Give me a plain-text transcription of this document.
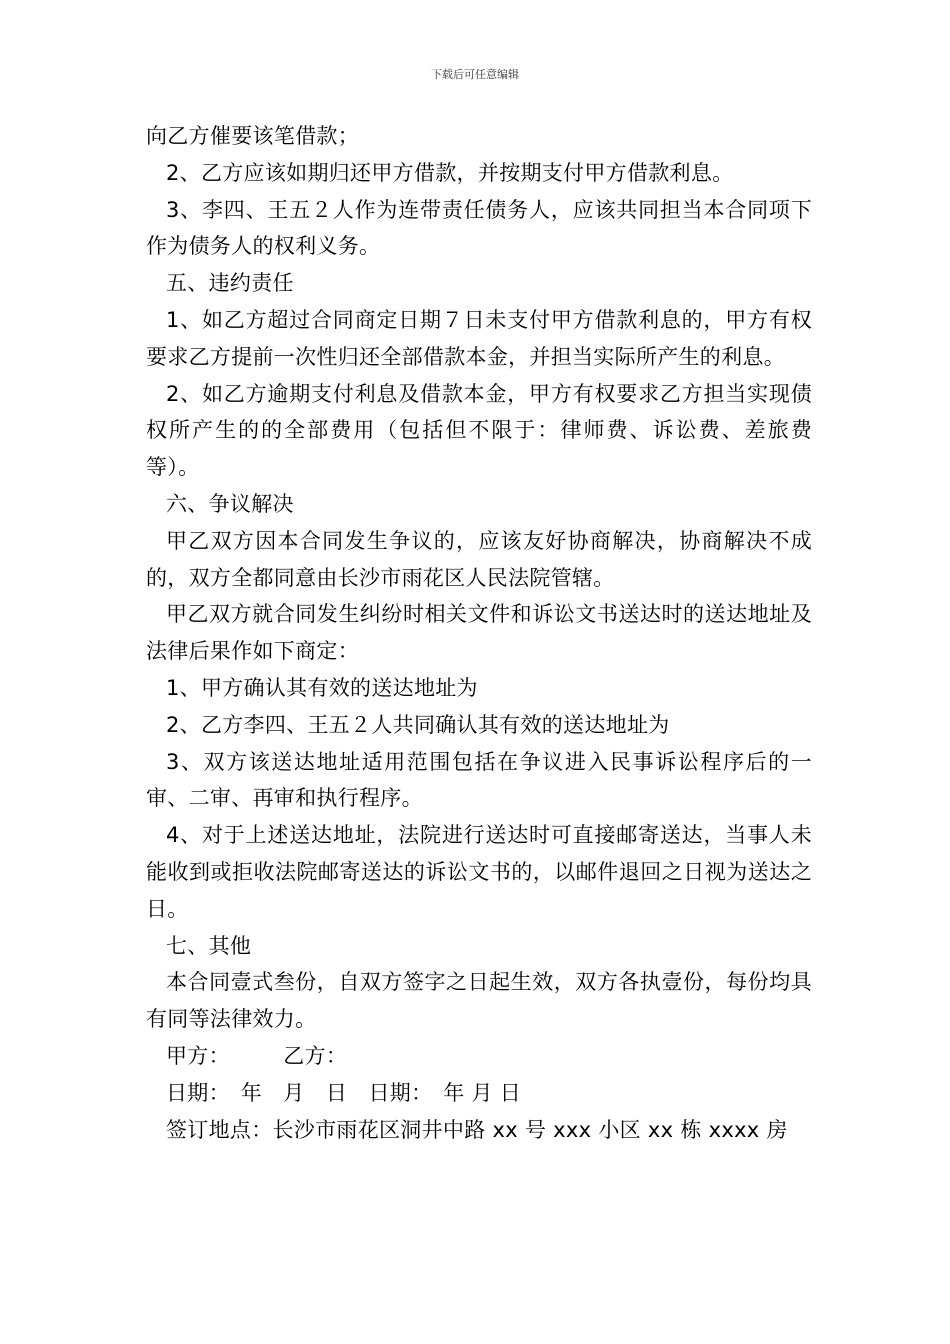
下载后可任意编辑

向乙方催要该笔借款；

2、乙方应该如期归还甲方借款，并按期支付甲方借款利息。

3、李四、王五２人作为连带责任债务人，应该共同担当本合同项下作为债务人的权利义务。

五、违约责任

1、如乙方超过合同商定日期７日未支付甲方借款利息的，甲方有权要求乙方提前一次性归还全部借款本金，并担当实际所产生的利息。

2、如乙方逾期支付利息及借款本金，甲方有权要求乙方担当实现债权所产生的的全部费用（包括但不限于：律师费、诉讼费、差旅费等）。

六、争议解决

甲乙双方因本合同发生争议的，应该友好协商解决，协商解决不成的，双方全都同意由长沙市雨花区人民法院管辖。

甲乙双方就合同发生纠纷时相关文件和诉讼文书送达时的送达地址及法律后果作如下商定：

1、甲方确认其有效的送达地址为

2、乙方李四、王五２人共同确认其有效的送达地址为

3、双方该送达地址适用范围包括在争议进入民事诉讼程序后的一审、二审、再审和执行程序。

4、对于上述送达地址，法院进行送达时可直接邮寄送达，当事人未能收到或拒收法院邮寄送达的诉讼文书的，以邮件退回之日视为送达之日。

七、其他

本合同壹式叁份，自双方签字之日起生效，双方各执壹份，每份均具有同等法律效力。

甲方：　　　乙方：

日期：　年　月　日　日期：　年 月 日

签订地点：长沙市雨花区洞井中路 xx 号 xxx 小区 xx 栋 xxxx 房
